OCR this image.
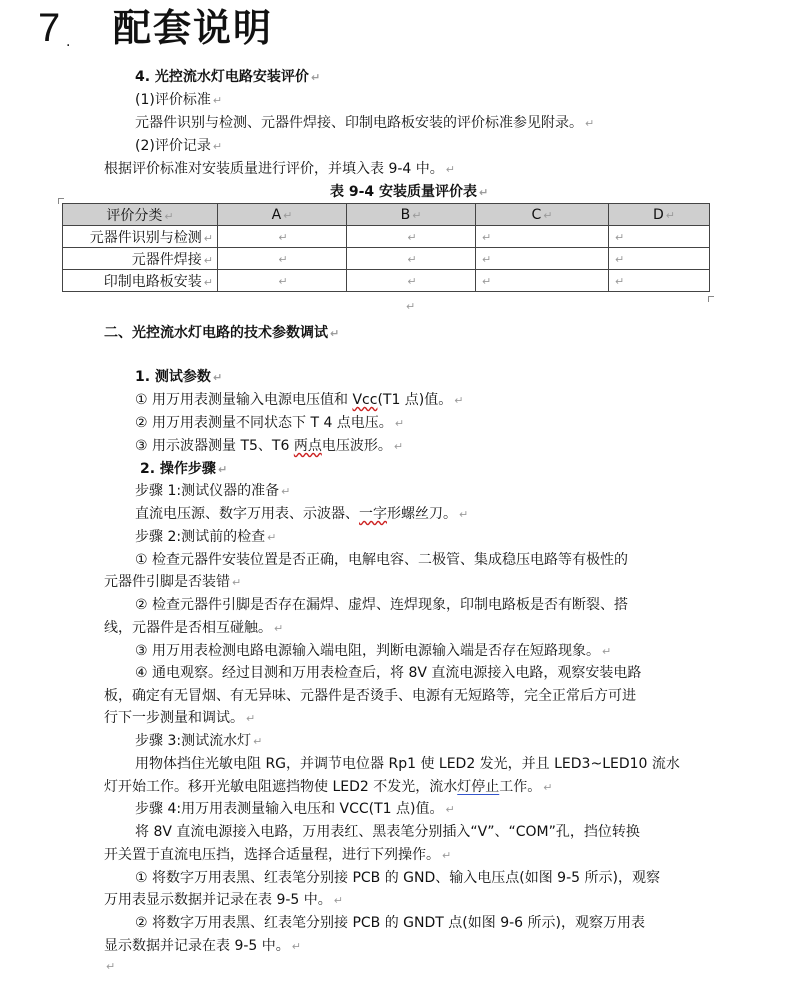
7 . 配套说明
4. 光控流水灯电路安装评价 ↵
(1)评价标准 ↵
元器件识别与检测、元器件焊接、印制电路板安装的评价标准参见附录。 ↵
(2)评价记录 ↵
根据评价标准对安装质量进行评价，并填入表 9-4 中。 ↵
表 9-4 安装质量评价表 ↵
评价分类 ↵	A ↵	B ↵	C ↵	D ↵
元器件识别与检测 ↵	↵	↵	↵	↵
元器件焊接 ↵	↵	↵	↵	↵
印制电路板安装 ↵	↵	↵	↵	↵
↵
二、光控流水灯电路的技术参数调试 ↵
1. 测试参数 ↵
① 用万用表测量输入电源电压值和 Vcc(T1 点)值。 ↵
② 用万用表测量不同状态下 T 4 点电压。 ↵
③ 用示波器测量 T5、T6 两点电压波形。 ↵
2. 操作步骤 ↵
步骤 1:测试仪器的准备 ↵
直流电压源、数字万用表、示波器、一字形螺丝刀。 ↵
步骤 2:测试前的检查 ↵
① 检查元器件安装位置是否正确，电解电容、二极管、集成稳压电路等有极性的
元器件引脚是否装错 ↵
② 检查元器件引脚是否存在漏焊、虚焊、连焊现象，印制电路板是否有断裂、搭
线，元器件是否相互碰触。 ↵
③ 用万用表检测电路电源输入端电阻，判断电源输入端是否存在短路现象。 ↵
④ 通电观察。经过目测和万用表检查后，将 8V 直流电源接入电路，观察安装电路
板，确定有无冒烟、有无异味、元器件是否烫手、电源有无短路等，完全正常后方可进
行下一步测量和调试。 ↵
步骤 3:测试流水灯 ↵
用物体挡住光敏电阻 RG，并调节电位器 Rp1 使 LED2 发光，并且 LED3~LED10 流水
灯开始工作。移开光敏电阻遮挡物使 LED2 不发光，流水灯停止工作。 ↵
步骤 4:用万用表测量输入电压和 VCC(T1 点)值。 ↵
将 8V 直流电源接入电路，万用表红、黑表笔分别插入“V”、“COM”孔，挡位转换
开关置于直流电压挡，选择合适量程，进行下列操作。 ↵
① 将数字万用表黑、红表笔分别接 PCB 的 GND、输入电压点(如图 9-5 所示)，观察
万用表显示数据并记录在表 9-5 中。 ↵
② 将数字万用表黑、红表笔分别接 PCB 的 GNDT 点(如图 9-6 所示)，观察万用表
显示数据并记录在表 9-5 中。 ↵
↵
